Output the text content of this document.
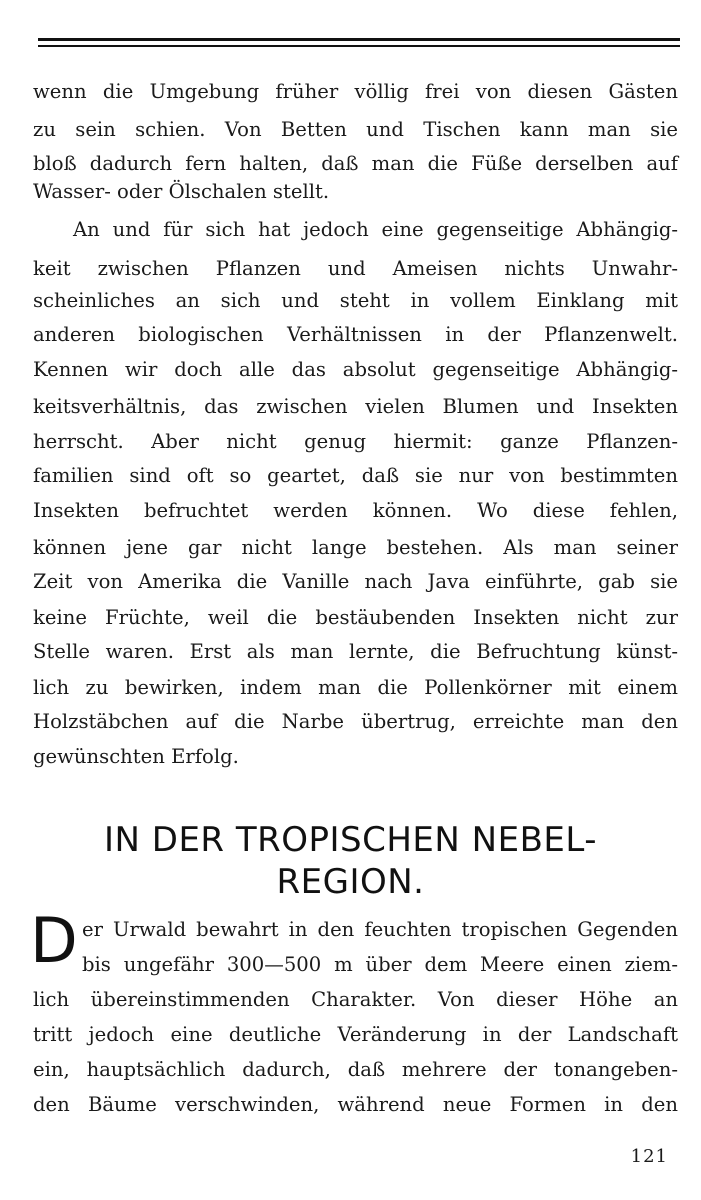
wenn die Umgebung früher völlig frei von diesen Gästen
zu sein schien. Von Betten und Tischen kann man sie
bloß dadurch fern halten, daß man die Füße derselben auf
Wasser- oder Ölschalen stellt.
An und für sich hat jedoch eine gegenseitige Abhängig-
keit zwischen Pflanzen und Ameisen nichts Unwahr-
scheinliches an sich und steht in vollem Einklang mit
anderen biologischen Verhältnissen in der Pflanzenwelt.
Kennen wir doch alle das absolut gegenseitige Abhängig-
keitsverhältnis, das zwischen vielen Blumen und Insekten
herrscht. Aber nicht genug hiermit: ganze Pflanzen-
familien sind oft so geartet, daß sie nur von bestimmten
Insekten befruchtet werden können. Wo diese fehlen,
können jene gar nicht lange bestehen. Als man seiner
Zeit von Amerika die Vanille nach Java einführte, gab sie
keine Früchte, weil die bestäubenden Insekten nicht zur
Stelle waren. Erst als man lernte, die Befruchtung künst-
lich zu bewirken, indem man die Pollenkörner mit einem
Holzstäbchen auf die Narbe übertrug, erreichte man den
gewünschten Erfolg.
IN DER TROPISCHEN NEBEL-
REGION.
D er Urwald bewahrt in den feuchten tropischen Gegenden
bis ungefähr 300—500 m über dem Meere einen ziem-
lich übereinstimmenden Charakter. Von dieser Höhe an
tritt jedoch eine deutliche Veränderung in der Landschaft
ein, hauptsächlich dadurch, daß mehrere der tonangeben-
den Bäume verschwinden, während neue Formen in den
121
